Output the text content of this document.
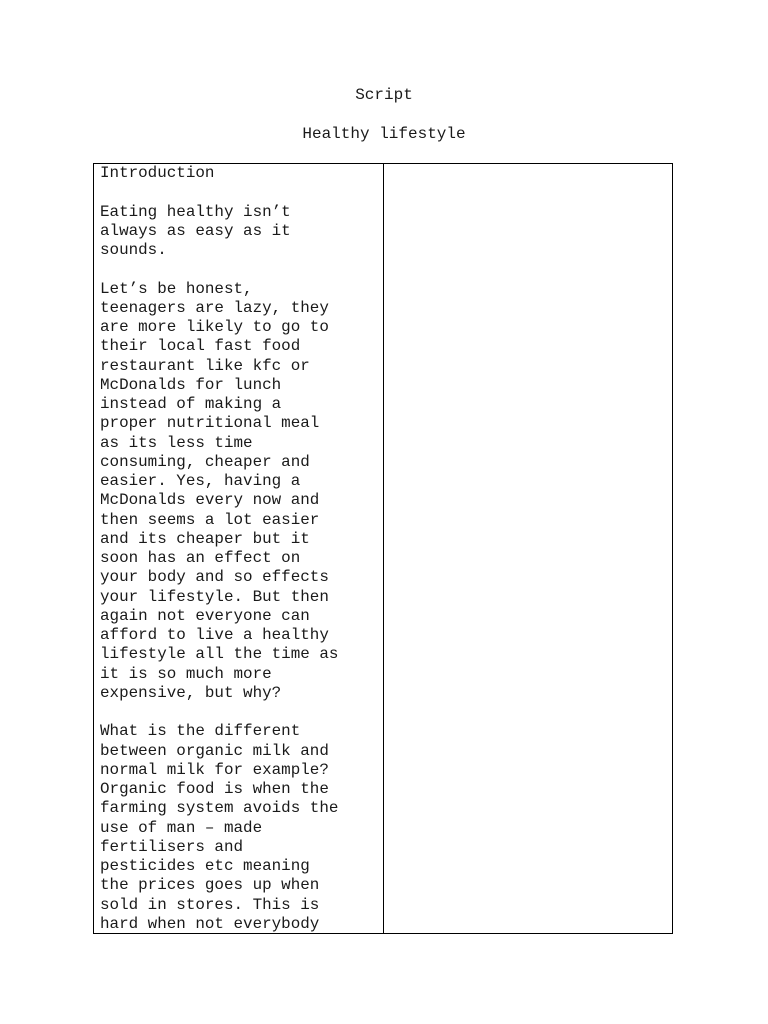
Script
Healthy lifestyle

Introduction

Eating healthy isn’t
always as easy as it
sounds.

Let’s be honest,
teenagers are lazy, they
are more likely to go to
their local fast food
restaurant like kfc or
McDonalds for lunch
instead of making a
proper nutritional meal
as its less time
consuming, cheaper and
easier. Yes, having a
McDonalds every now and
then seems a lot easier
and its cheaper but it
soon has an effect on
your body and so effects
your lifestyle. But then
again not everyone can
afford to live a healthy
lifestyle all the time as
it is so much more
expensive, but why?

What is the different
between organic milk and
normal milk for example?
Organic food is when the
farming system avoids the
use of man – made
fertilisers and
pesticides etc meaning
the prices goes up when
sold in stores. This is
hard when not everybody
